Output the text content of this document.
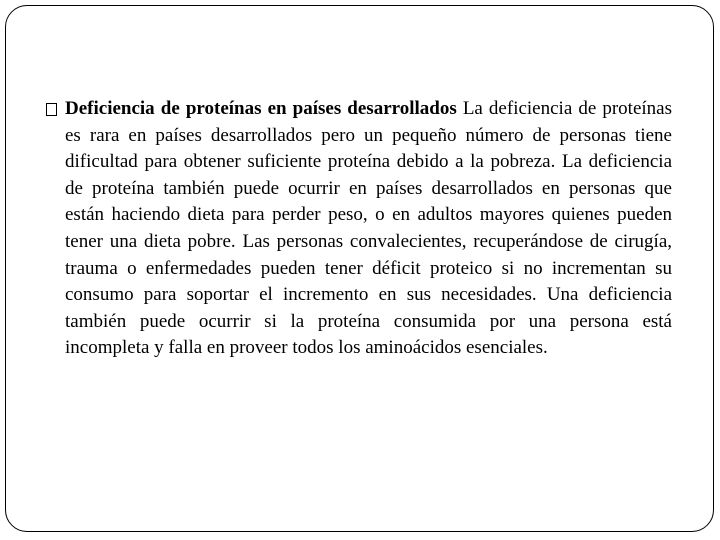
Deficiencia de proteínas en países desarrollados La deficiencia de proteínas es rara en países desarrollados pero un pequeño número de personas tiene dificultad para obtener suficiente proteína debido a la pobreza. La deficiencia de proteína también puede ocurrir en países desarrollados en personas que están haciendo dieta para perder peso, o en adultos mayores quienes pueden tener una dieta pobre. Las personas convalecientes, recuperándose de cirugía, trauma o enfermedades pueden tener déficit proteico si no incrementan su consumo para soportar el incremento en sus necesidades. Una deficiencia también puede ocurrir si la proteína consumida por una persona está incompleta y falla en proveer todos los aminoácidos esenciales.
